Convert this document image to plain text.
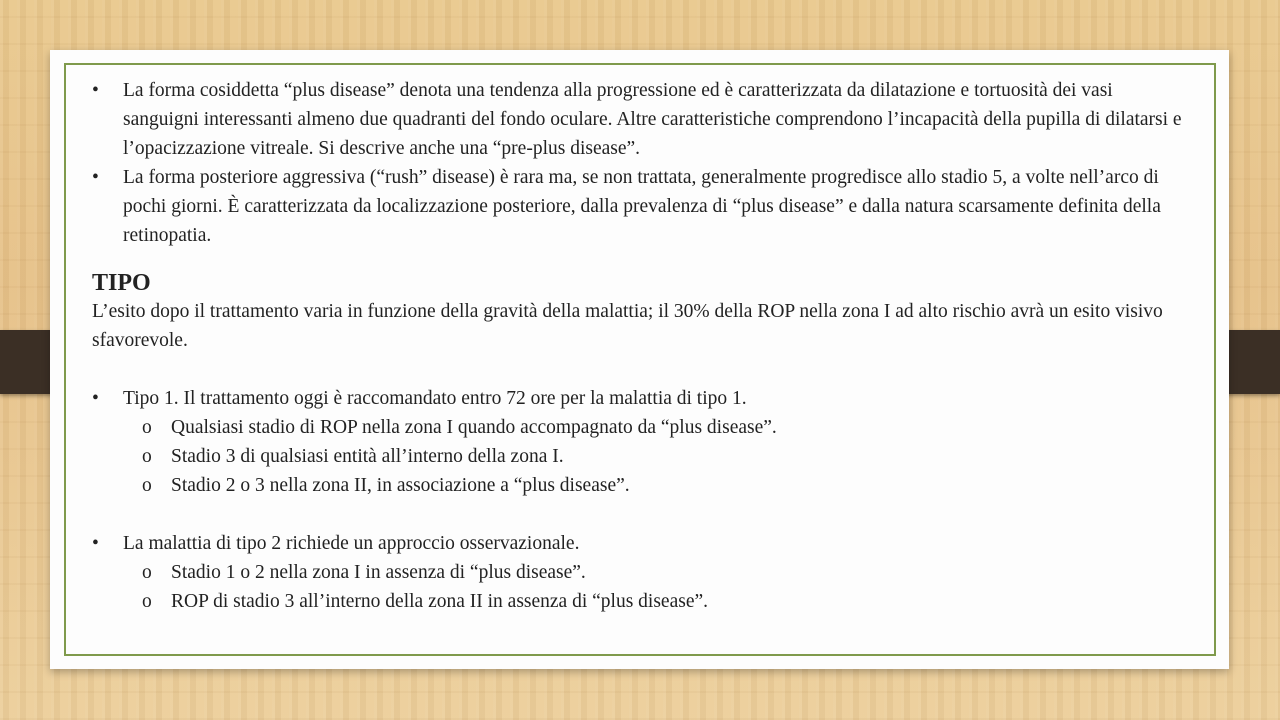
• La forma cosiddetta “plus disease” denota una tendenza alla progressione ed è caratterizzata da dilatazione e tortuosità dei vasi sanguigni interessanti almeno due quadranti del fondo oculare. Altre caratteristiche comprendono l’incapacità della pupilla di dilatarsi e l’opacizzazione vitreale. Si descrive anche una “pre-plus disease”.
• La forma posteriore aggressiva (“rush” disease) è rara ma, se non trattata, generalmente progredisce allo stadio 5, a volte nell’arco di pochi giorni. È caratterizzata da localizzazione posteriore, dalla prevalenza di “plus disease” e dalla natura scarsamente definita della retinopatia.
TIPO

L’esito dopo il trattamento varia in funzione della gravità della malattia; il 30% della ROP nella zona I ad alto rischio avrà un esito visivo sfavorevole.

• Tipo 1. Il trattamento oggi è raccomandato entro 72 ore per la malattia di tipo 1.
o Qualsiasi stadio di ROP nella zona I quando accompagnato da “plus disease”.
o Stadio 3 di qualsiasi entità all’interno della zona I.
o Stadio 2 o 3 nella zona II, in associazione a “plus disease”.
• La malattia di tipo 2 richiede un approccio osservazionale.
o Stadio 1 o 2 nella zona I in assenza di “plus disease”.
o ROP di stadio 3 all’interno della zona II in assenza di “plus disease”.
